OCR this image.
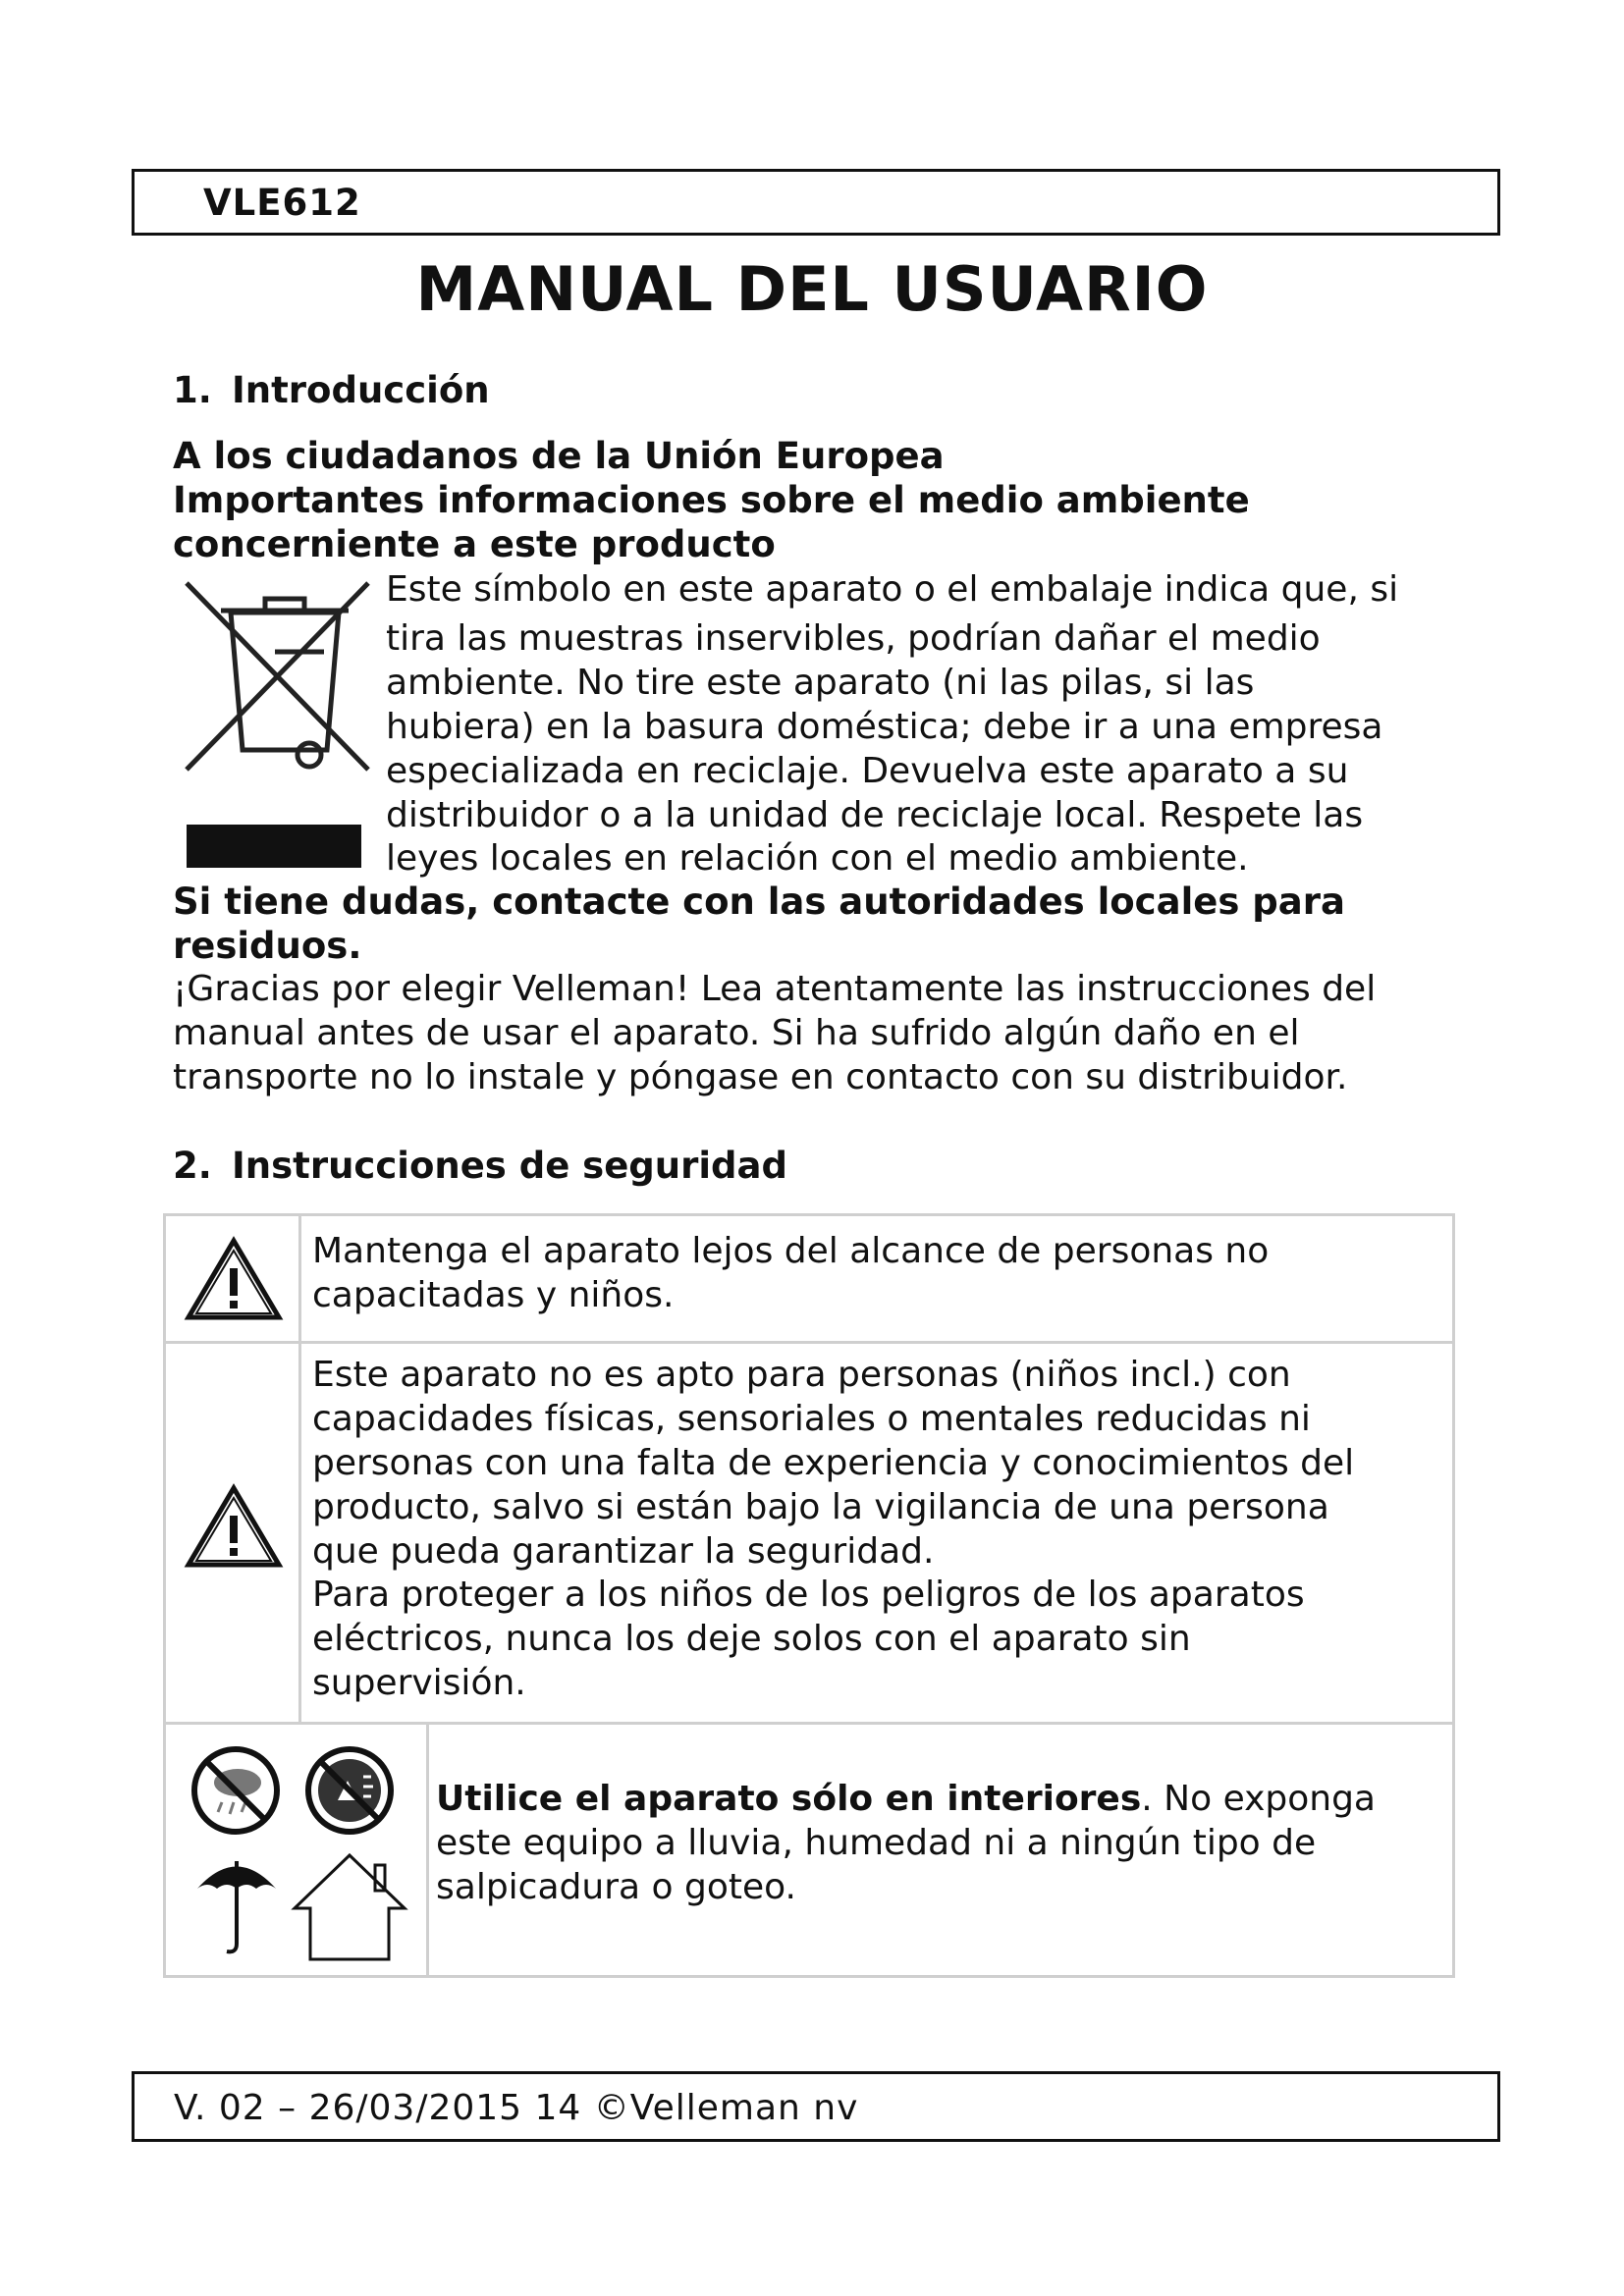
VLE612
MANUAL DEL USUARIO
1. Introducción
A los ciudadanos de la Unión Europea
Importantes informaciones sobre el medio ambiente
concerniente a este producto
Este símbolo en este aparato o el embalaje indica que, si
tira las muestras inservibles, podrían dañar el medio
ambiente. No tire este aparato (ni las pilas, si las
hubiera) en la basura doméstica; debe ir a una empresa
especializada en reciclaje. Devuelva este aparato a su
distribuidor o a la unidad de reciclaje local. Respete las
leyes locales en relación con el medio ambiente.
Si tiene dudas, contacte con las autoridades locales para
residuos.
¡Gracias por elegir Velleman! Lea atentamente las instrucciones del
manual antes de usar el aparato. Si ha sufrido algún daño en el
transporte no lo instale y póngase en contacto con su distribuidor.
2. Instrucciones de seguridad
Mantenga el aparato lejos del alcance de personas no
capacitadas y niños.
Este aparato no es apto para personas (niños incl.) con
capacidades físicas, sensoriales o mentales reducidas ni
personas con una falta de experiencia y conocimientos del
producto, salvo si están bajo la vigilancia de una persona
que pueda garantizar la seguridad.
Para proteger a los niños de los peligros de los aparatos
eléctricos, nunca los deje solos con el aparato sin
supervisión.
Utilice el aparato sólo en interiores. No exponga
este equipo a lluvia, humedad ni a ningún tipo de
salpicadura o goteo.
V. 02 – 26/03/2015 14 ©Velleman nv
